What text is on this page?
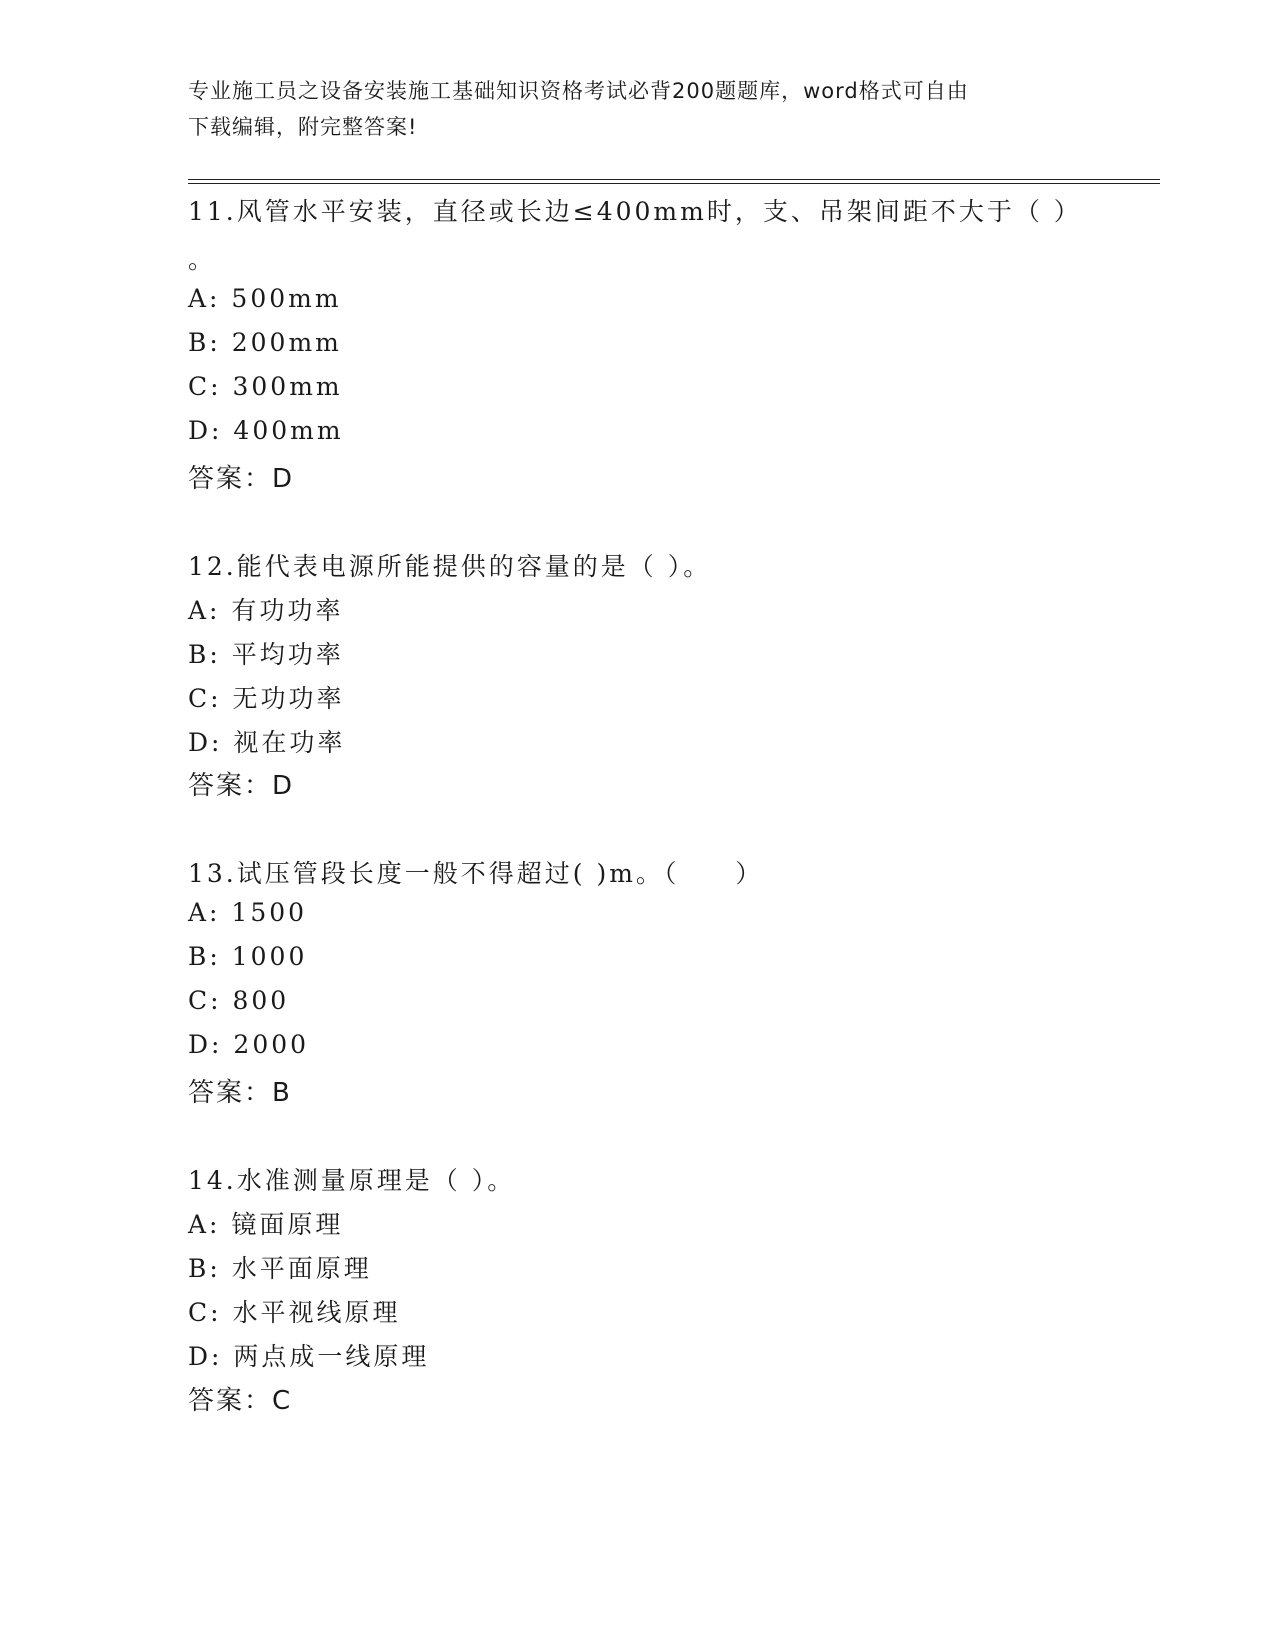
专业施工员之设备安装施工基础知识资格考试必背200题题库，word格式可自由
下载编辑，附完整答案!
11.风管水平安装，直径或长边≤400mm时，支、吊架间距不大于（ ）
。
A: 500mm
B: 200mm
C: 300mm
D: 400mm
答案：D
12.能代表电源所能提供的容量的是（ ）。
A: 有功功率
B: 平均功率
C: 无功功率
D: 视在功率
答案：D
13.试压管段长度一般不得超过( )m。（　　）
A: 1500
B: 1000
C: 800
D: 2000
答案：B
14.水准测量原理是（ ）。
A: 镜面原理
B: 水平面原理
C: 水平视线原理
D: 两点成一线原理
答案：C
